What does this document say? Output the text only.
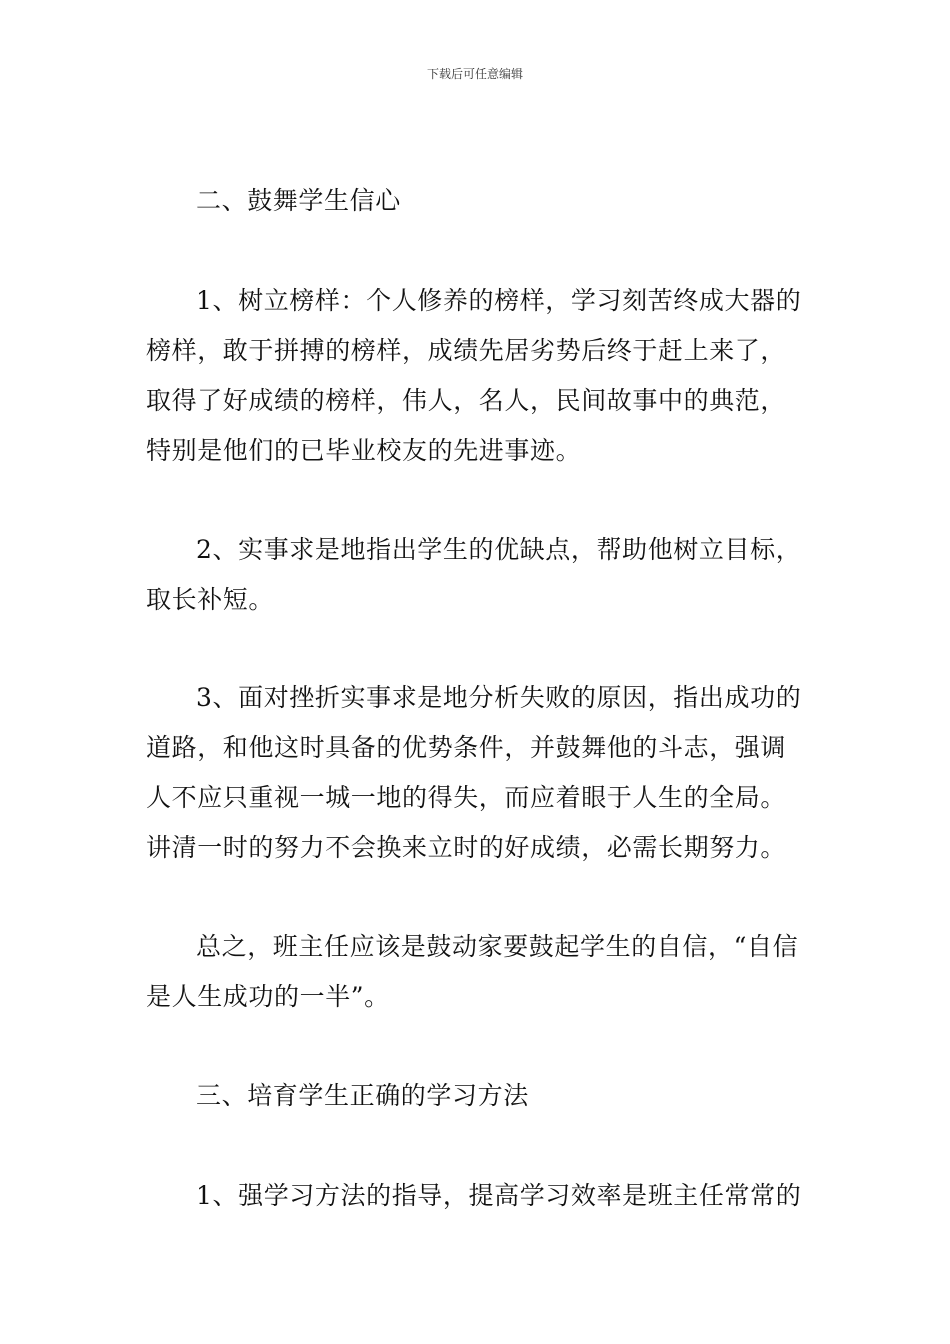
下载后可任意编辑
二、鼓舞学生信心
1、树立榜样：个人修养的榜样，学习刻苦终成大器的榜样，敢于拼搏的榜样，成绩先居劣势后终于赶上来了，取得了好成绩的榜样，伟人，名人，民间故事中的典范，特别是他们的已毕业校友的先进事迹。
2、实事求是地指出学生的优缺点，帮助他树立目标，取长补短。
3、面对挫折实事求是地分析失败的原因，指出成功的道路，和他这时具备的优势条件，并鼓舞他的斗志，强调人不应只重视一城一地的得失，而应着眼于人生的全局。讲清一时的努力不会换来立时的好成绩，必需长期努力。
总之，班主任应该是鼓动家要鼓起学生的自信，“自信是人生成功的一半”。
三、培育学生正确的学习方法
1、强学习方法的指导，提高学习效率是班主任常常的
